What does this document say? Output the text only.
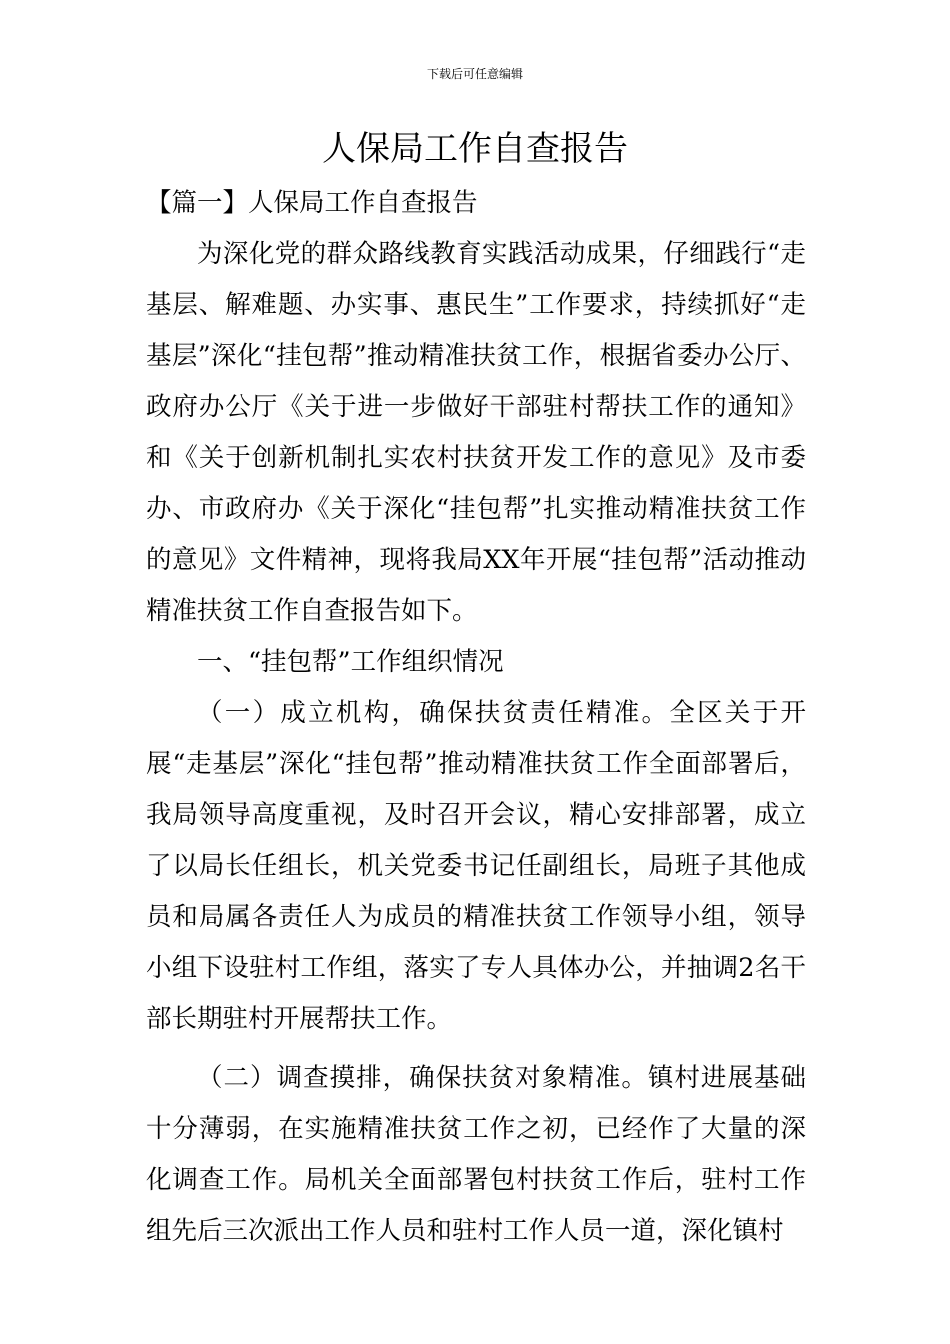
下载后可任意编辑
人保局工作自查报告

【篇一】人保局工作自查报告

为深化党的群众路线教育实践活动成果，仔细践行“走基层、解难题、办实事、惠民生”工作要求，持续抓好“走基层”深化“挂包帮”推动精准扶贫工作，根据省委办公厅、政府办公厅《关于进一步做好干部驻村帮扶工作的通知》和《关于创新机制扎实农村扶贫开发工作的意见》及市委办、市政府办《关于深化“挂包帮”扎实推动精准扶贫工作的意见》文件精神，现将我局XX年开展“挂包帮”活动推动精准扶贫工作自查报告如下。

一、“挂包帮”工作组织情况

（一）成立机构，确保扶贫责任精准。全区关于开展“走基层”深化“挂包帮”推动精准扶贫工作全面部署后，我局领导高度重视，及时召开会议，精心安排部署，成立了以局长任组长，机关党委书记任副组长，局班子其他成员和局属各责任人为成员的精准扶贫工作领导小组，领导小组下设驻村工作组，落实了专人具体办公，并抽调2名干部长期驻村开展帮扶工作。

（二）调查摸排，确保扶贫对象精准。镇村进展基础十分薄弱，在实施精准扶贫工作之初，已经作了大量的深化调查工作。局机关全面部署包村扶贫工作后，驻村工作组先后三次派出工作人员和驻村工作人员一道，深化镇村
